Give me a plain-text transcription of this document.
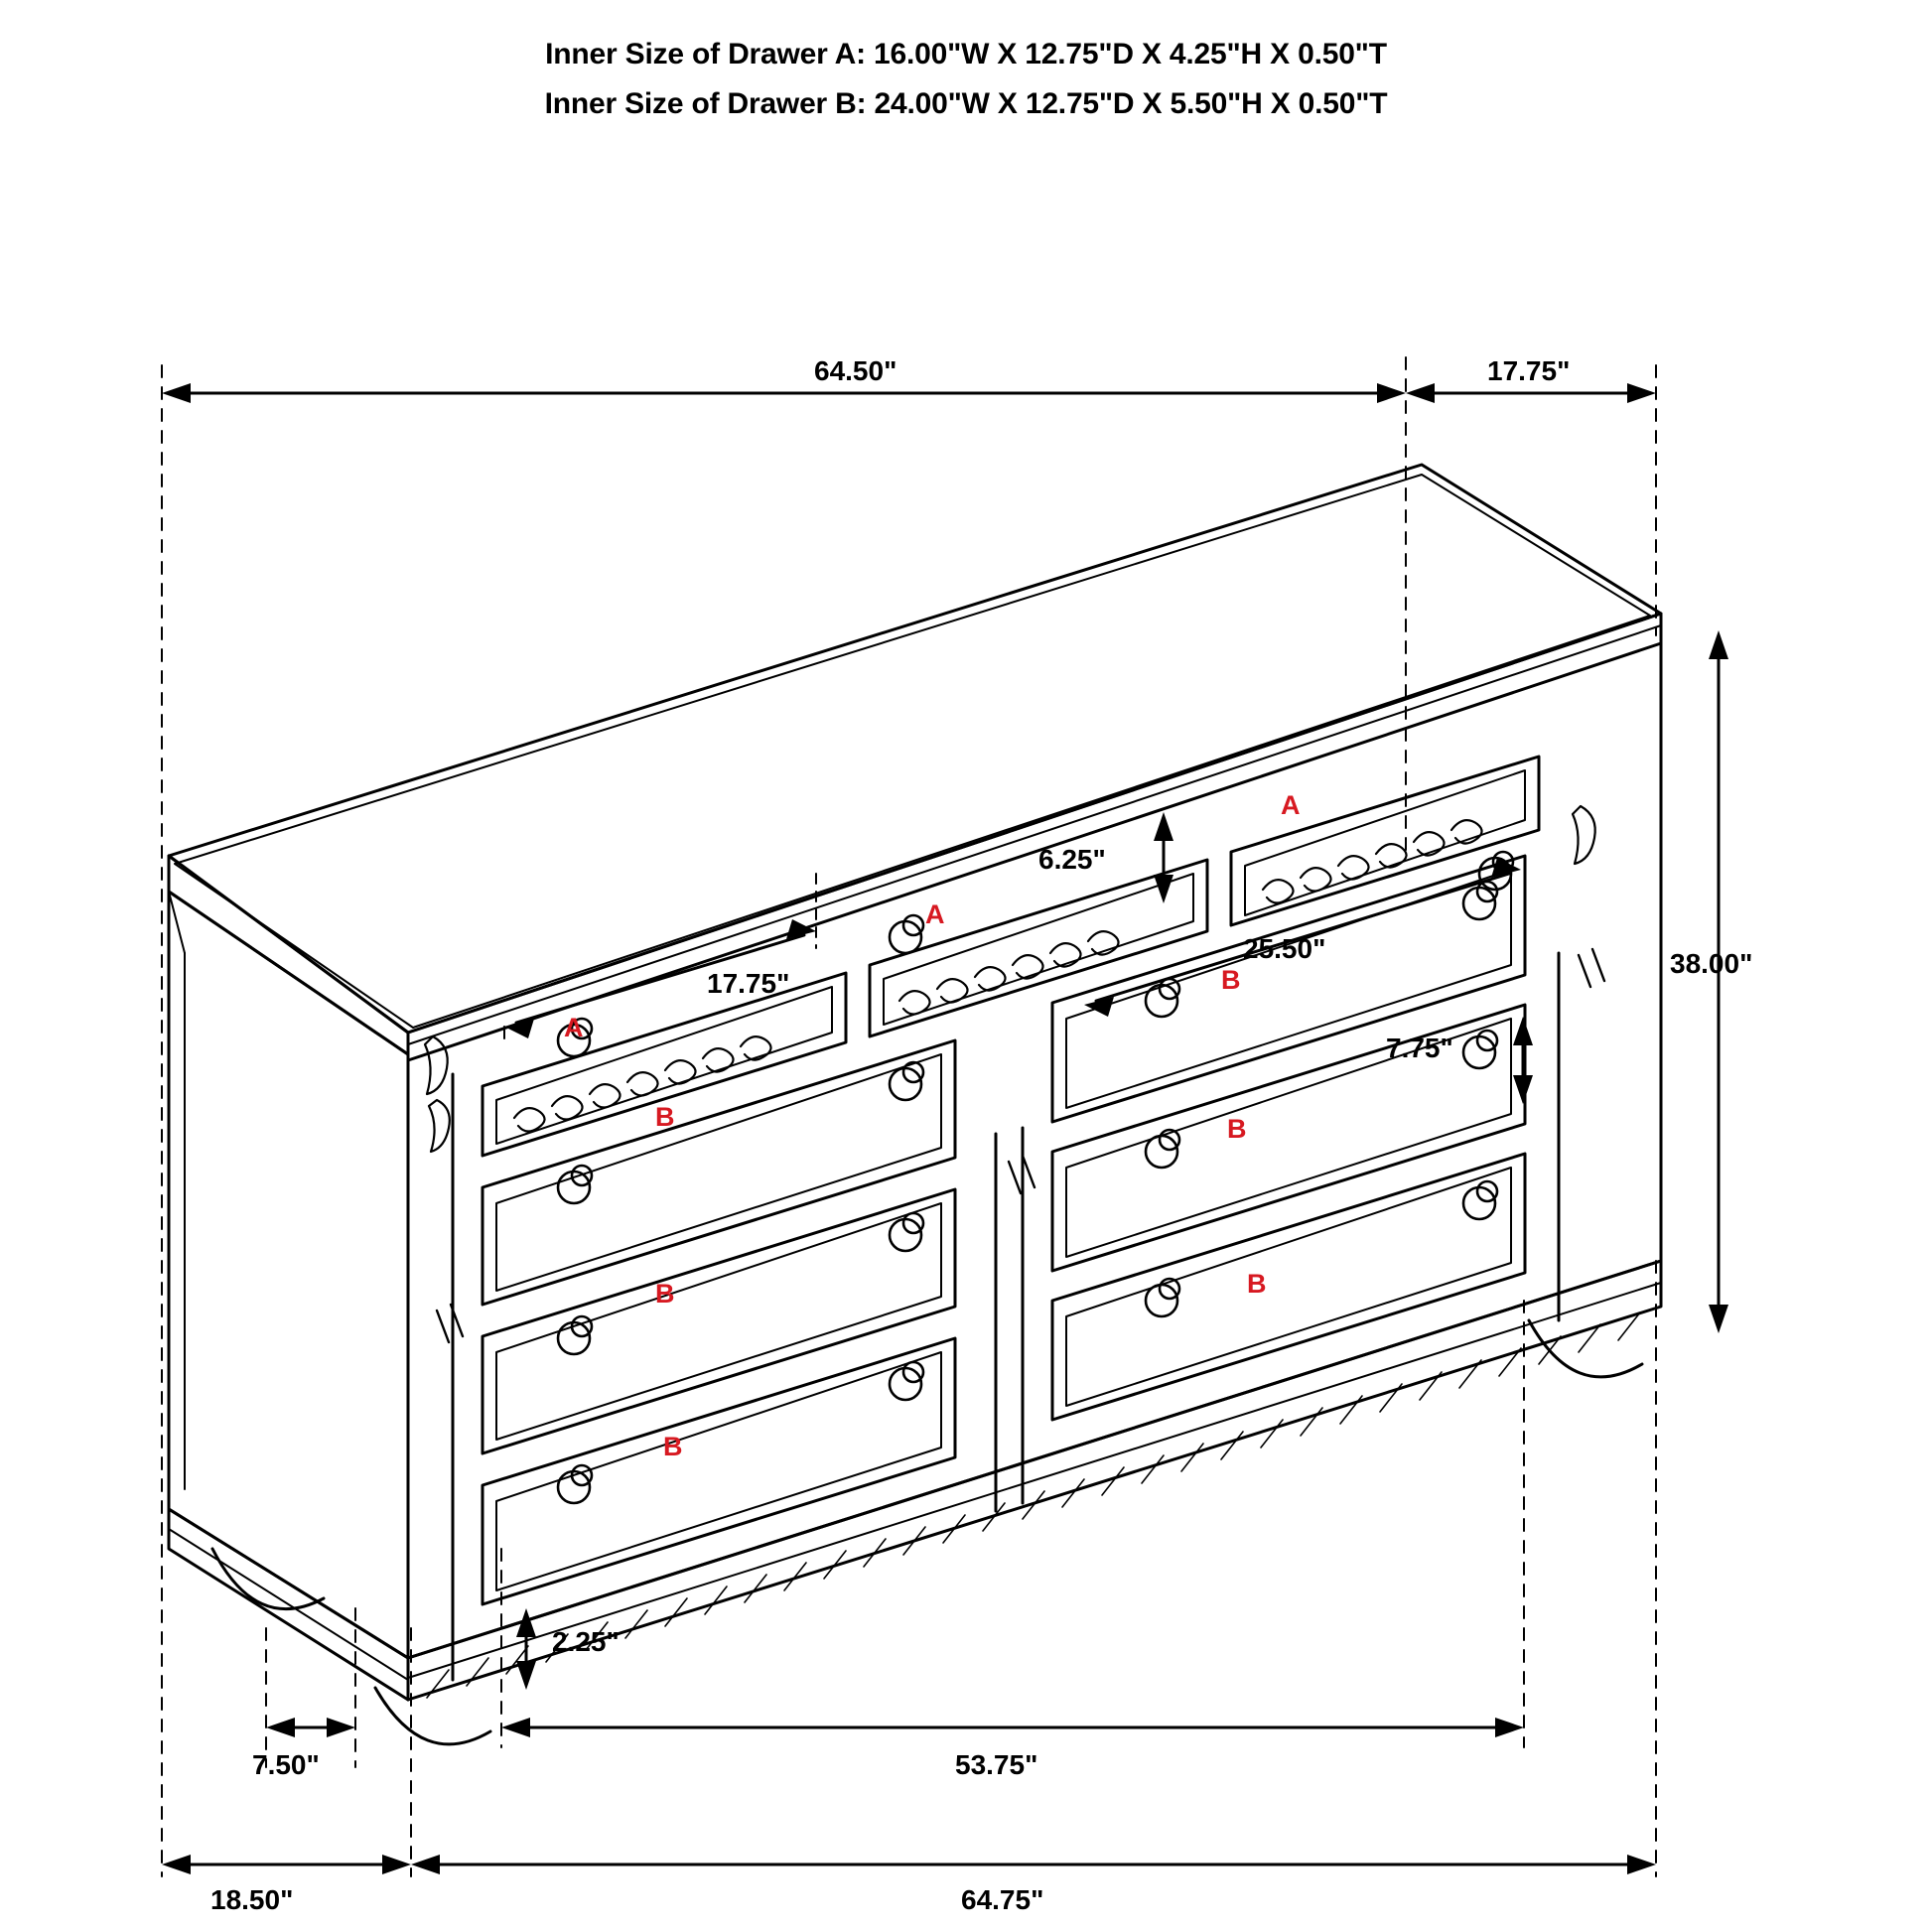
Inner Size of Drawer A: 16.00"W X 12.75"D X 4.25"H X 0.50"T
Inner Size of Drawer B: 24.00"W X 12.75"D X 5.50"H X 0.50"T
64.50"	17.75"
38.00"
17.75"
6.25"
25.50"
7.75"
2.25"
7.50"	53.75"
18.50"	64.75"
A
A
A
B
B
B
B
B
B
